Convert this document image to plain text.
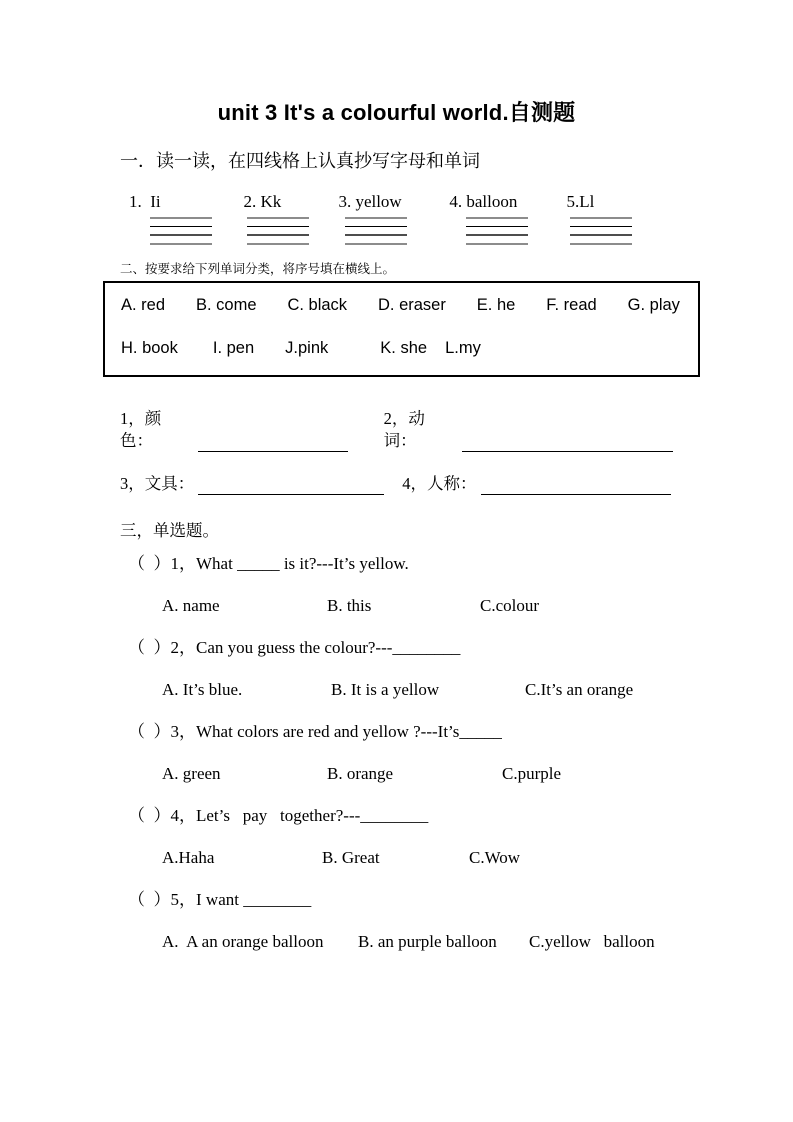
unit 3 It's a colourful world.自测题
一．读一读，在四线格上认真抄写字母和单词
1.  Ii	2. Kk	3. yellow	4. balloon	5.Ll
二、按要求给下列单词分类，将序号填在横线上。
A. red B. come C. black D. eraser E. he F. read G. play
H. book I. pen J.pink	K. she L.my
1，颜色：
2，动词：
3，文具：	4，人称：
三，单选题。
（  ）1，What _____ is it?---It’s yellow.
A. name	B. this	C.colour
（  ）2，Can you guess the colour?---________
A. It’s blue.	B. It is a yellow	C.It’s an orange
（  ）3，What colors are red and yellow ?---It’s_____
A. green	B. orange	C.purple
（  ）4，Let’s   pay   together?---________
A.Haha	B. Great	C.Wow
（  ）5，I want ________
A.  A an orange balloon	B. an purple balloon	C.yellow   balloon
